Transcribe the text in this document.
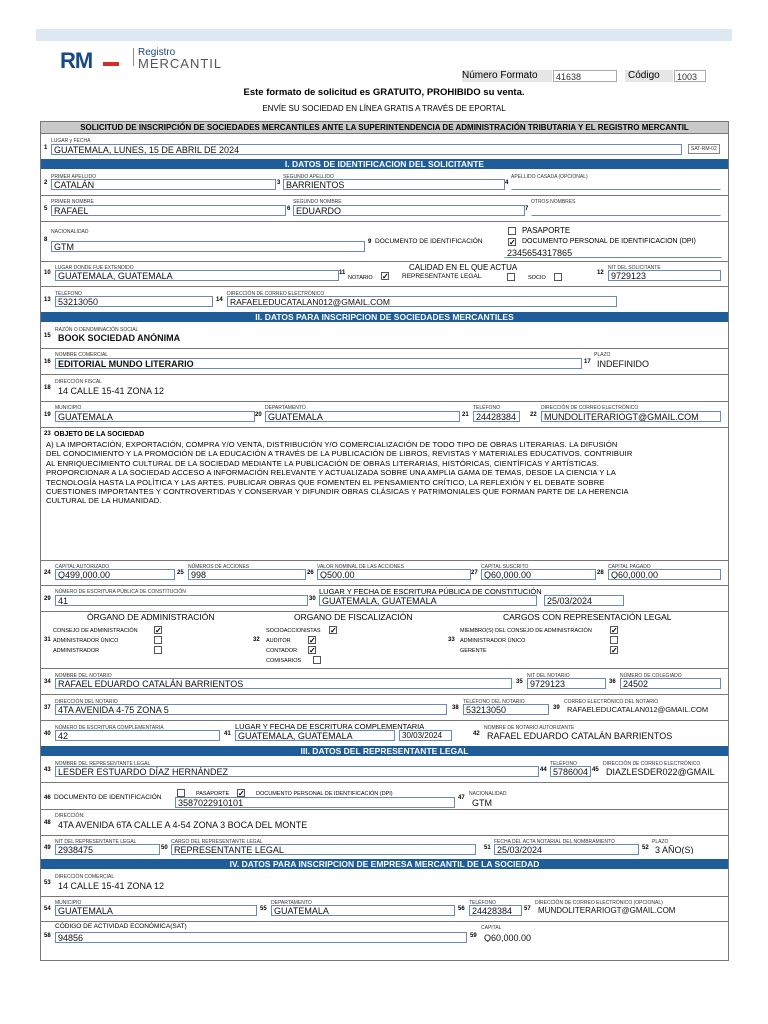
RM	Registro
MERCANTIL
Número Formato	41638	Código	1003
Este formato de solicitud es GRATUITO, PROHIBIDO su venta.
ENVÍE SU SOCIEDAD EN LÍNEA GRATIS A TRAVÉS DE EPORTAL
SOLICITUD DE INSCRIPCIÓN DE SOCIEDADES MERCANTILES ANTE LA SUPERINTENDENCIA DE ADMINISTRACIÓN TRIBUTARIA Y EL REGISTRO MERCANTIL
LUGAR y FECHA
1 GUATEMALA, LUNES, 15 DE ABRIL DE 2024	SAT-RM-02
I. DATOS DE IDENTIFICACION DEL SOLICITANTE
PRIMER APELLIDO
2 CATALÁN
SEGUNDO APELLIDO
3 BARRIENTOS
APELLIDO CASADA (OPCIONAL)
4
PRIMER NOMBRE
5 RAFAEL
SEGUNDO NOMBRE
6 EDUARDO
OTROS NOMBRES
7
NACIONALIDAD
8
GTM	9 DOCUMENTO DE IDENTIFICACIÓN
PASAPORTE
✓ DOCUMENTO PERSONAL DE IDENTIFICACION (DPI)
2345654317865
LUGAR DONDE FUE EXTENDIDO
10 GUATEMALA, GUATEMALA	11
CALIDAD EN EL QUE ACTUA
NOTARIO ✓ REPRESENTANTE LEGAL	SOCIO
NIT DEL SOLICITANTE
12 9729123
TELÉFONO
13 53213050
DIRECCIÓN DE CORREO ELECTRÓNICO
14 RAFAELEDUCATALAN012@GMAIL.COM
II. DATOS PARA INSCRIPCION DE SOCIEDADES MERCANTILES
RAZÓN O DENOMINACIÓN SOCIAL
15 BOOK SOCIEDAD ANÓNIMA
NOMBRE COMERCIAL
16 EDITORIAL MUNDO LITERARIO
PLAZO
17 INDEFINIDO
DIRECCIÓN FISCAL
18 14 CALLE 15-41 ZONA 12
MUNICIPIO
19 GUATEMALA
DEPARTAMENTO
20 GUATEMALA
TELÉFONO
21 24428384
DIRECCIÓN DE CORREO ELECTRÓNICO
22 MUNDOLITERARIOGT@GMAIL.COM
23 OBJETO DE LA SOCIEDAD
A) LA IMPORTACIÓN, EXPORTACIÓN, COMPRA Y/O VENTA, DISTRIBUCIÓN Y/O COMERCIALIZACIÓN DE TODO TIPO DE OBRAS LITERARIAS. LA DIFUSIÓN
DEL CONOCIMIENTO Y LA PROMOCIÓN DE LA EDUCACIÓN A TRAVÉS DE LA PUBLICACIÓN DE LIBROS, REVISTAS Y MATERIALES EDUCATIVOS. CONTRIBUIR
AL ENRIQUECIMIENTO CULTURAL DE LA SOCIEDAD MEDIANTE LA PUBLICACIÓN DE OBRAS LITERARIAS, HISTÓRICAS, CIENTÍFICAS Y ARTÍSTICAS.
PROPORCIONAR A LA SOCIEDAD ACCESO A INFORMACIÓN RELEVANTE Y ACTUALIZADA SOBRE UNA AMPLIA GAMA DE TEMAS, DESDE LA CIENCIA Y LA
TECNOLOGÍA HASTA LA POLÍTICA Y LAS ARTES. PUBLICAR OBRAS QUE FOMENTEN EL PENSAMIENTO CRÍTICO, LA REFLEXIÓN Y EL DEBATE SOBRE
CUESTIONES IMPORTANTES Y CONTROVERTIDAS Y CONSERVAR Y DIFUNDIR OBRAS CLÁSICAS Y PATRIMONIALES QUE FORMAN PARTE DE LA HERENCIA
CULTURAL DE LA HUMANIDAD.
CAPITAL AUTORIZADO
24 Q499,000.00
NÚMEROS DE ACCIONES
25 998
VALOR NOMINAL DE LAS ACCIONES
26 Q500.00
CAPITAL SUSCRITO
27 Q60,000.00
CAPITAL PAGADO
28 Q60,000.00
NÚMERO DE ESCRITURA PÚBLICA DE CONSTITUCIÓN
29 41
LUGAR Y FECHA DE ESCRITURA PÚBLICA DE CONSTITUCIÓN
30 GUATEMALA, GUATEMALA	25/03/2024
ÓRGANO DE ADMINISTRACIÓN	ORGANO DE FISCALIZACIÓN	CARGOS CON REPRESENTACIÓN LEGAL
CONSEJO DE ADMINISTRACIÓN ✓
31 ADMINISTRADOR ÚNICO
ADMINISTRADOR
SOCIOACCIONISTAS ✓
32 AUDITOR ✓
CONTADOR ✓
COMISARIOS
MIEMBRO(S) DEL CONSEJO DE ADMINISTRACIÓN ✓
33 ADMINISTRADOR ÚNICO
GERENTE	✓
NOMBRE DEL NOTARIO
34 RAFAEL EDUARDO CATALÁN BARRIENTOS
NIT DEL NOTARIO
35 9729123
NÚMERO DE COLEGIADO
36 24502
DIRECCIÓN DEL NOTARIO
37 4TA AVENIDA 4-75 ZONA 5
TELÉFONO DEL NOTARIO
38 53213050
CORREO ELECTRÓNICO DEL NOTARIO
39 RAFAELEDUCATALAN012@GMAIL.COM
NÚMERO DE ESCRITURA COMPLEMENTARIA
40 42
LUGAR Y FECHA DE ESCRITURA COMPLEMENTARIA
41 GUATEMALA, GUATEMALA	30/03/2024
NOMBRE DE NOTARIO AUTORIZANTE
42 RAFAEL EDUARDO CATALÁN BARRIENTOS
III. DATOS DEL REPRESENTANTE LEGAL
NOMBRE DEL REPRESENTANTE LEGAL
43 LESDER ESTUARDO DÍAZ HERNÁNDEZ
TELÉFONO
44 5786004
DIRECCIÓN DE CORREO ELECTRÓNICO
45 DIAZLESDER022@GMAIL
46 DOCUMENTO DE IDENTIFICACIÓN	PASAPORTE ✓ DOCUMENTO PERSONAL DE IDENTIFICACIÓN (DPI)
3587022910101
NACIONALIDAD
47 GTM
DIRECCIÓN:
48 4TA AVENIDA 6TA CALLE A 4-54 ZONA 3 BOCA DEL MONTE
NIT DEL REPRESENTANTE LEGAL
49 2938475
CARGO DEL REPRESENTANTE LEGAL
50 REPRESENTANTE LEGAL
FECHA DEL ACTA NOTARIAL DEL NOMBRAMIENTO
51 25/03/2024
PLAZO
52 3 AÑO(S)
IV. DATOS PARA INSCRIPCION DE EMPRESA MERCANTIL DE LA SOCIEDAD
DIRECCIÓN COMERCIAL
53 14 CALLE 15-41 ZONA 12
MUNICIPIO
54 GUATEMALA
DEPARTAMENTO
55 GUATEMALA
TELÉFONO
56 24428384
DIRECCIÓN DE CORREO ELECTRÓNICO (OPCIONAL)
57 MUNDOLITERARIOGT@GMAIL.COM
CÓDIGO DE ACTIVIDAD ECONÓMICA(SAT)
58 94856
CAPITAL
59 Q60,000.00
